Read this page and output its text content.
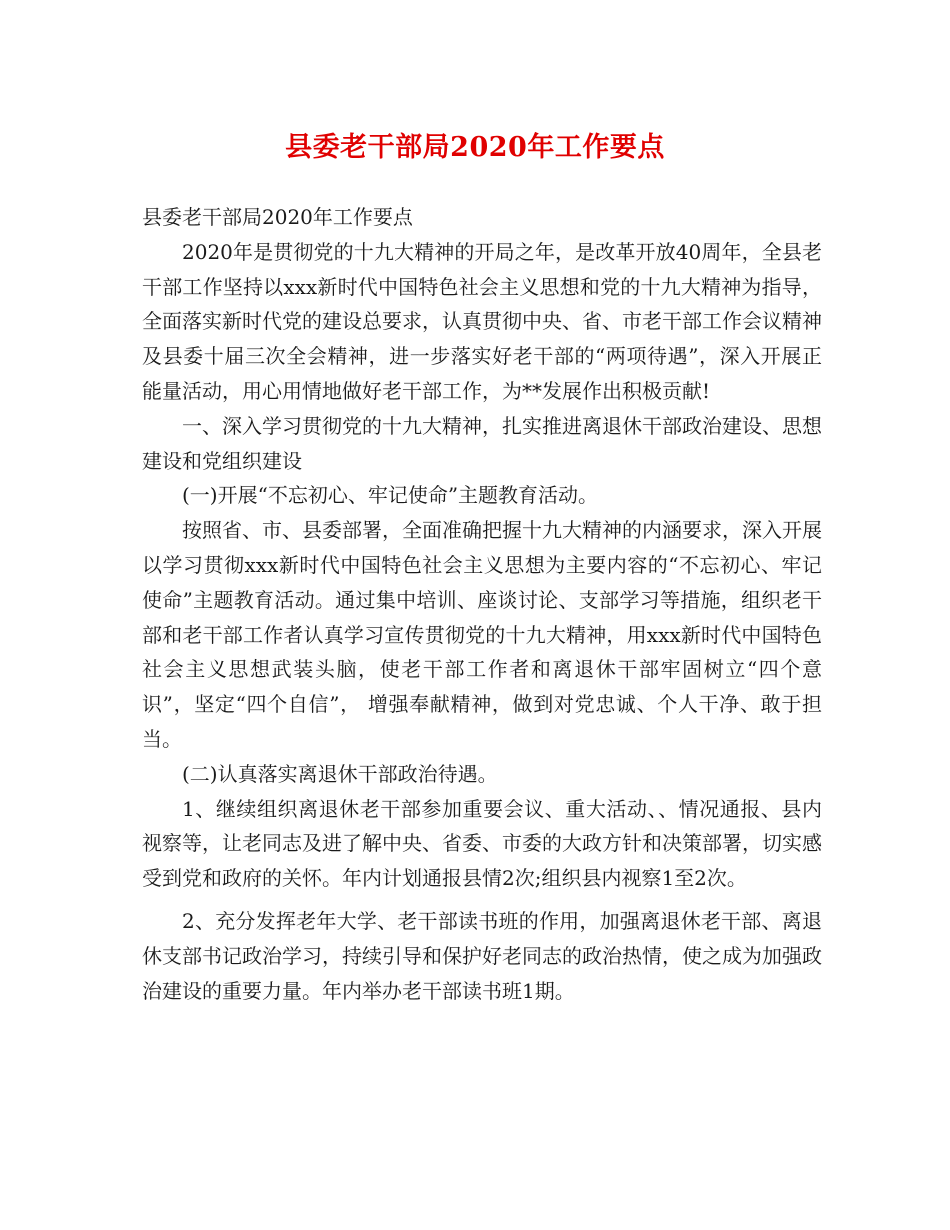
县委老干部局2020年工作要点

县委老干部局2020年工作要点

2020年是贯彻党的十九大精神的开局之年，是改革开放40周年，全县老干部工作坚持以xxx新时代中国特色社会主义思想和党的十九大精神为指导，全面落实新时代党的建设总要求，认真贯彻中央、省、市老干部工作会议精神及县委十届三次全会精神，进一步落实好老干部的“两项待遇”，深入开展正能量活动，用心用情地做好老干部工作，为**发展作出积极贡献!

一、深入学习贯彻党的十九大精神，扎实推进离退休干部政治建设、思想建设和党组织建设

(一)开展“不忘初心、牢记使命”主题教育活动。

按照省、市、县委部署，全面准确把握十九大精神的内涵要求，深入开展以学习贯彻xxx新时代中国特色社会主义思想为主要内容的“不忘初心、牢记使命”主题教育活动。通过集中培训、座谈讨论、支部学习等措施，组织老干部和老干部工作者认真学习宣传贯彻党的十九大精神，用xxx新时代中国特色社会主义思想武装头脑，使老干部工作者和离退休干部牢固树立“四个意识”，坚定“四个自信”， 增强奉献精神，做到对党忠诚、个人干净、敢于担当。

(二)认真落实离退休干部政治待遇。

1、继续组织离退休老干部参加重要会议、重大活动、、情况通报、县内视察等，让老同志及进了解中央、省委、市委的大政方针和决策部署，切实感受到党和政府的关怀。年内计划通报县情2次;组织县内视察1至2次。

2、充分发挥老年大学、老干部读书班的作用，加强离退休老干部、离退休支部书记政治学习，持续引导和保护好老同志的政治热情，使之成为加强政治建设的重要力量。年内举办老干部读书班1期。
